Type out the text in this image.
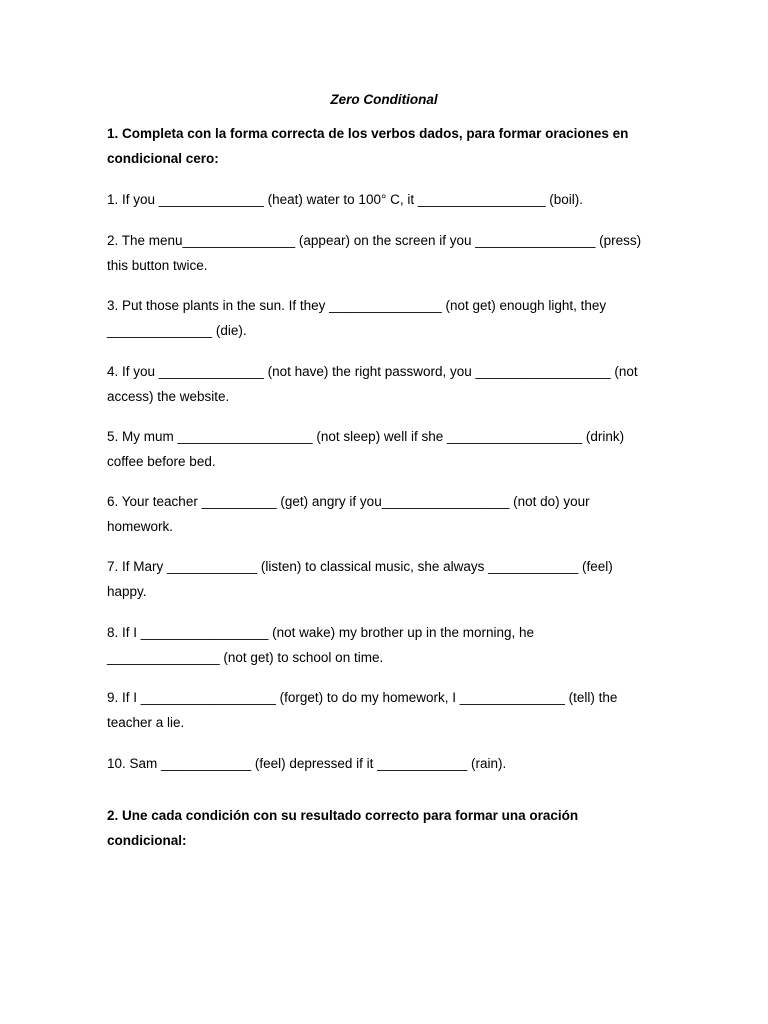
Zero Conditional
1. Completa con la forma correcta de los verbos dados, para formar oraciones en
condicional cero:
1. If you ______________ (heat) water to 100° C, it _________________ (boil).
2. The menu_______________ (appear) on the screen if you ________________ (press)
this button twice.
3. Put those plants in the sun. If they _______________ (not get) enough light, they
______________ (die).
4. If you ______________ (not have) the right password, you __________________ (not
access) the website.
5. My mum __________________ (not sleep) well if she __________________ (drink)
coffee before bed.
6. Your teacher __________ (get) angry if you_________________ (not do) your
homework.
7. If Mary ____________ (listen) to classical music, she always ____________ (feel)
happy.
8. If I _________________ (not wake) my brother up in the morning, he
_______________ (not get) to school on time.
9. If I __________________ (forget) to do my homework, I ______________ (tell) the
teacher a lie.
10. Sam ____________ (feel) depressed if it ____________ (rain).
2. Une cada condición con su resultado correcto para formar una oración
condicional:
